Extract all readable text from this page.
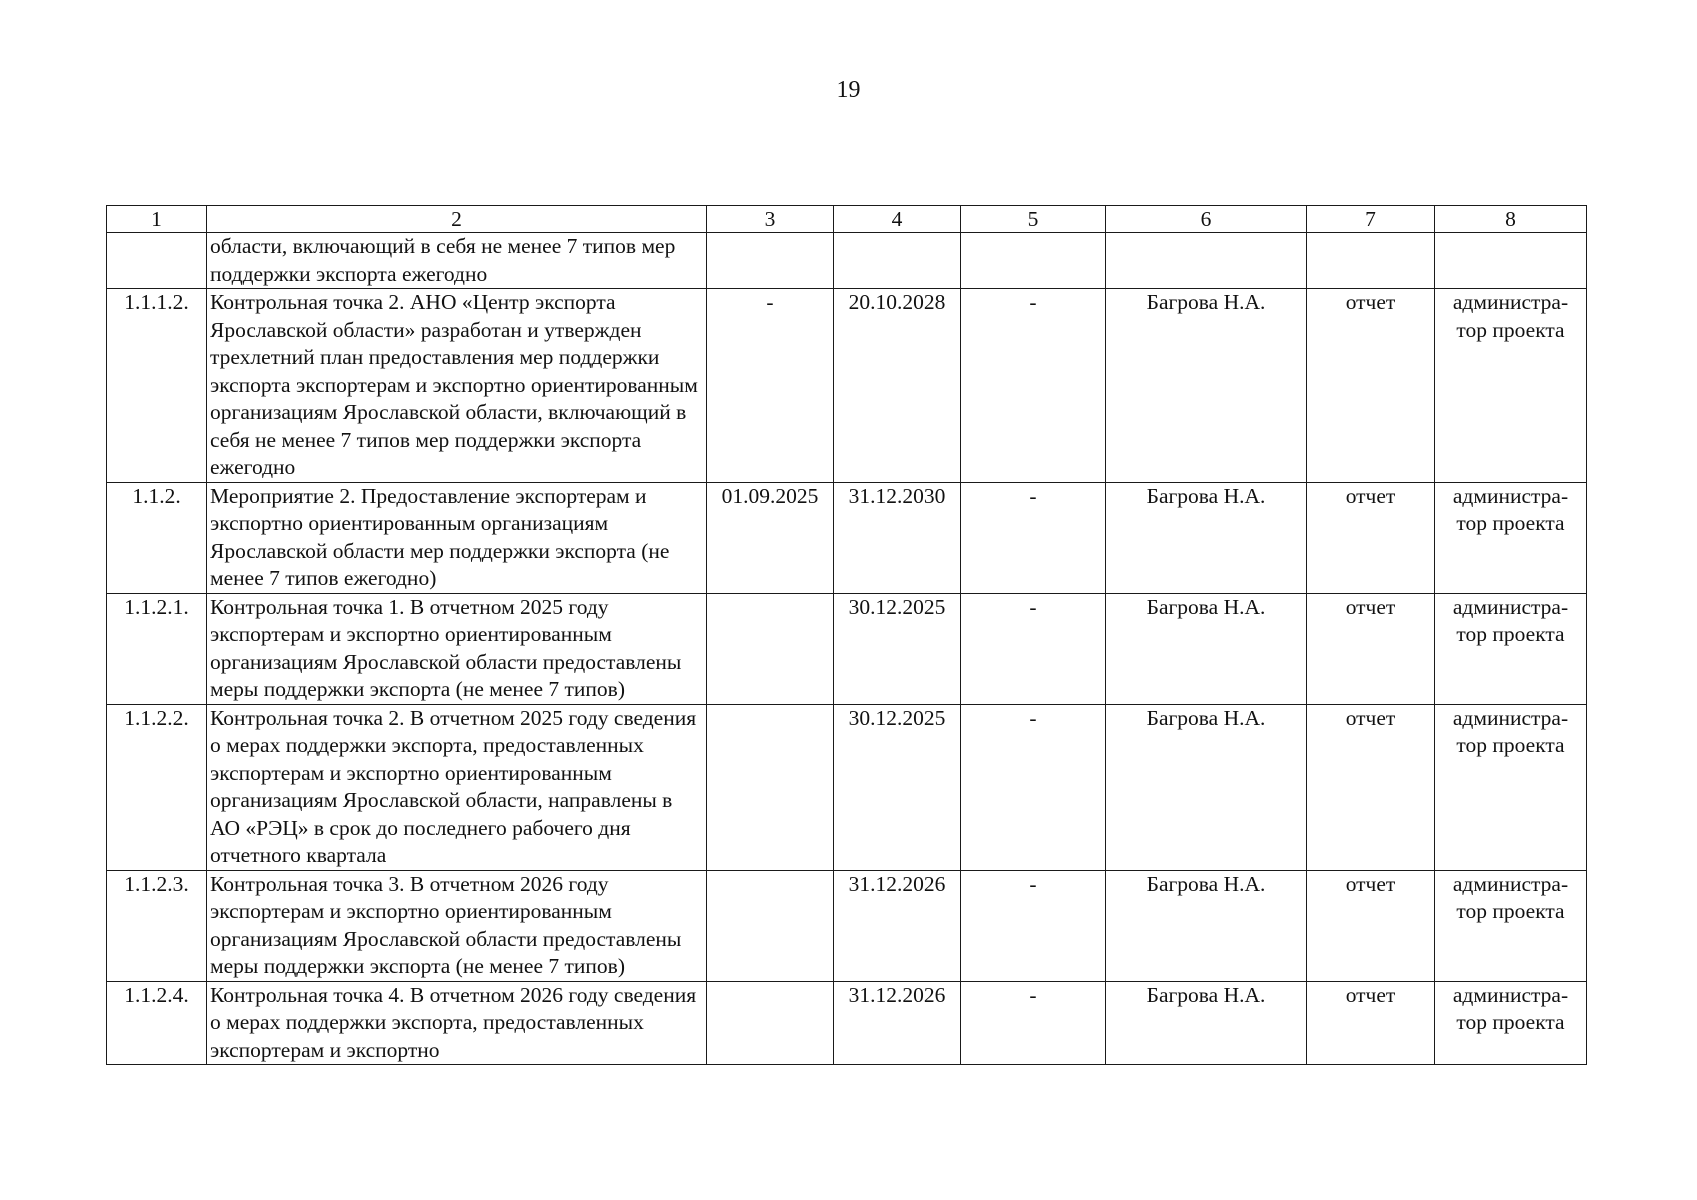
19
1	2	3	4	5	6	7	8
	области, включающий в себя не менее 7 типов мер поддержки экспорта ежегодно						
1.1.1.2.	Контрольная точка 2. АНО «Центр экспорта Ярославской области» разработан и утвержден трехлетний план предоставления мер поддержки экспорта экспортерам и экспортно ориентированным организациям Ярославской области, включающий в себя не менее 7 типов мер поддержки экспорта ежегодно	-	20.10.2028	-	Багрова Н.А.	отчет	администра-тор проекта
1.1.2.	Мероприятие 2. Предоставление экспортерам и экспортно ориентированным организациям Ярославской области мер поддержки экспорта (не менее 7 типов ежегодно)	01.09.2025	31.12.2030	-	Багрова Н.А.	отчет	администра-тор проекта
1.1.2.1.	Контрольная точка 1. В отчетном 2025 году экспортерам и экспортно ориентированным организациям Ярославской области предоставлены меры поддержки экспорта (не менее 7 типов)		30.12.2025	-	Багрова Н.А.	отчет	администра-тор проекта
1.1.2.2.	Контрольная точка 2. В отчетном 2025 году сведения о мерах поддержки экспорта, предоставленных экспортерам и экспортно ориентированным организациям Ярославской области, направлены в АО «РЭЦ» в срок до последнего рабочего дня отчетного квартала		30.12.2025	-	Багрова Н.А.	отчет	администра-тор проекта
1.1.2.3.	Контрольная точка 3. В отчетном 2026 году экспортерам и экспортно ориентированным организациям Ярославской области предоставлены меры поддержки экспорта (не менее 7 типов)		31.12.2026	-	Багрова Н.А.	отчет	администра-тор проекта
1.1.2.4.	Контрольная точка 4. В отчетном 2026 году сведения о мерах поддержки экспорта, предоставленных экспортерам и экспортно		31.12.2026	-	Багрова Н.А.	отчет	администра-тор проекта
